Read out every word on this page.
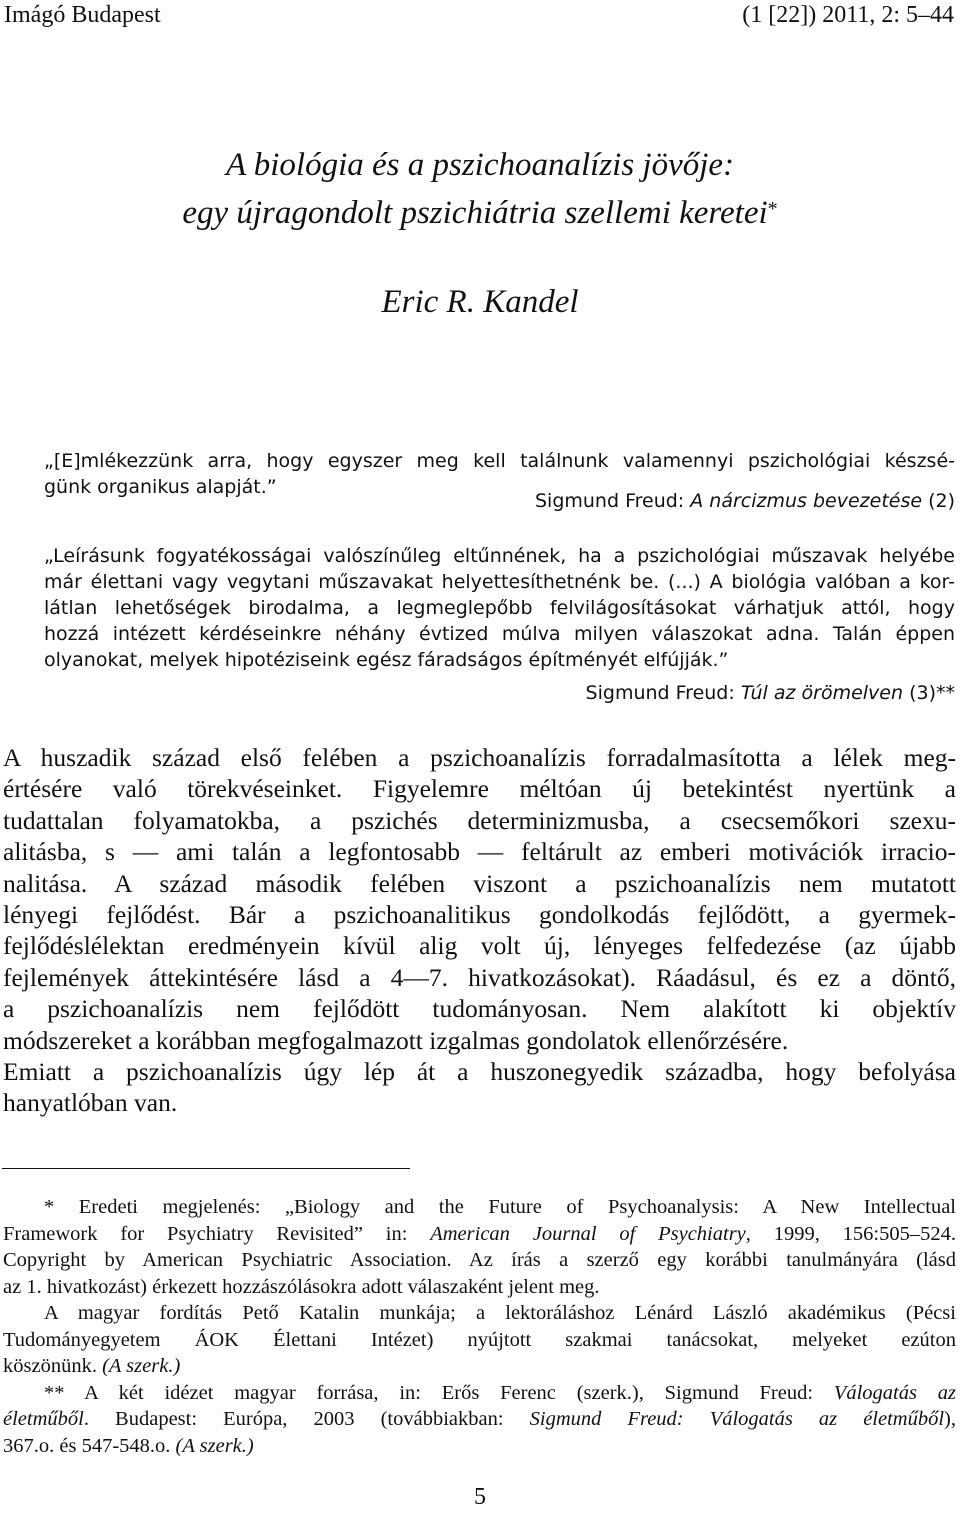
Imágó Budapest	(1 [22]) 2011, 2: 5–44
A biológia és a pszichoanalízis jövője:
egy újragondolt pszichiátria szellemi keretei*
Eric R. Kandel
„[E]mlékezzünk arra, hogy egyszer meg kell találnunk valamennyi pszichológiai készsé-
günk organikus alapját.”
Sigmund Freud: A nárcizmus bevezetése (2)
„Leírásunk fogyatékosságai valószínűleg eltűnnének, ha a pszichológiai műszavak helyébe
már élettani vagy vegytani műszavakat helyettesíthetnénk be. (...) A biológia valóban a kor-
látlan lehetőségek birodalma, a legmeglepőbb felvilágosításokat várhatjuk attól, hogy
hozzá intézett kérdéseinkre néhány évtized múlva milyen válaszokat adna. Talán éppen
olyanokat, melyek hipotéziseink egész fáradságos építményét elfújják.”
Sigmund Freud: Túl az örömelven (3)**
A huszadik század első felében a pszichoanalízis forradalmasította a lélek meg-
értésére való törekvéseinket. Figyelemre méltóan új betekintést nyertünk a
tudattalan folyamatokba, a pszichés determinizmusba, a csecsemőkori szexu-
alitásba, s — ami talán a legfontosabb — feltárult az emberi motivációk irracio-
nalitása. A század második felében viszont a pszichoanalízis nem mutatott
lényegi fejlődést. Bár a pszichoanalitikus gondolkodás fejlődött, a gyermek-
fejlődéslélektan eredményein kívül alig volt új, lényeges felfedezése (az újabb
fejlemények áttekintésére lásd a 4—7. hivatkozásokat). Ráadásul, és ez a döntő,
a pszichoanalízis nem fejlődött tudományosan. Nem alakított ki objektív
módszereket a korábban megfogalmazott izgalmas gondolatok ellenőrzésére.
Emiatt a pszichoanalízis úgy lép át a huszonegyedik századba, hogy befolyása
hanyatlóban van.
* Eredeti megjelenés: „Biology and the Future of Psychoanalysis: A New Intellectual
Framework for Psychiatry Revisited” in: American Journal of Psychiatry, 1999, 156:505–524.
Copyright by American Psychiatric Association. Az írás a szerző egy korábbi tanulmányára (lásd
az 1. hivatkozást) érkezett hozzászólásokra adott válaszaként jelent meg.
A magyar fordítás Pető Katalin munkája; a lektoráláshoz Lénárd László akadémikus (Pécsi
Tudományegyetem ÁOK Élettani Intézet) nyújtott szakmai tanácsokat, melyeket ezúton
köszönünk. (A szerk.)
** A két idézet magyar forrása, in: Erős Ferenc (szerk.), Sigmund Freud: Válogatás az
életműből. Budapest: Európa, 2003 (továbbiakban: Sigmund Freud: Válogatás az életműből),
367.o. és 547-548.o. (A szerk.)
5
